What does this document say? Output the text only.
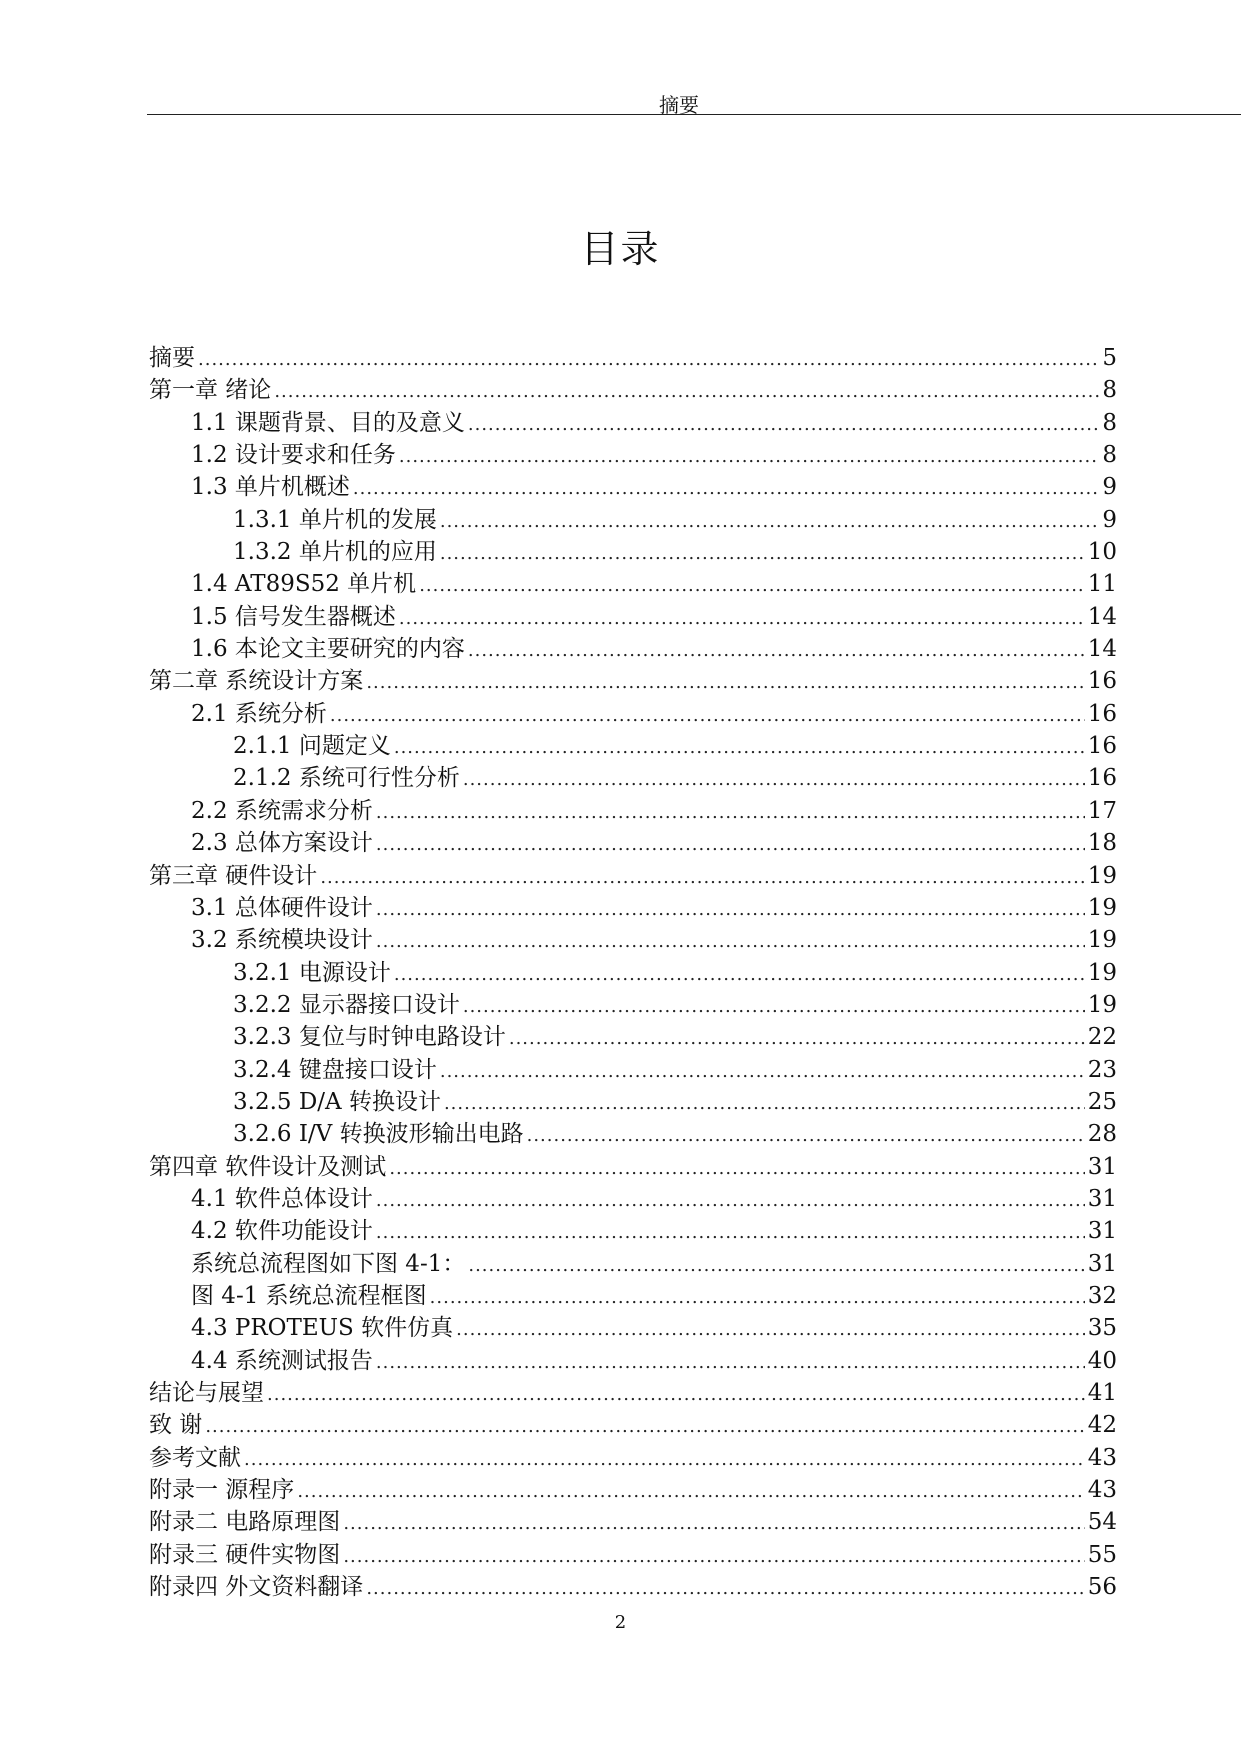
摘要
目录
摘要 .....	5
第一章 绪论 .....	8
1.1 课题背景、目的及意义 .....	8
1.2 设计要求和任务 .....	8
1.3 单片机概述 .....	9
1.3.1 单片机的发展 .....	9
1.3.2 单片机的应用 .....	10
1.4 AT89S52 单片机 .....	11
1.5 信号发生器概述 .....	14
1.6 本论文主要研究的内容 .....	14
第二章 系统设计方案 .....	16
2.1 系统分析 .....	16
2.1.1 问题定义 .....	16
2.1.2 系统可行性分析 .....	16
2.2 系统需求分析 .....	17
2.3 总体方案设计 .....	18
第三章 硬件设计 .....	19
3.1 总体硬件设计 .....	19
3.2 系统模块设计 .....	19
3.2.1 电源设计 .....	19
3.2.2 显示器接口设计 .....	19
3.2.3 复位与时钟电路设计 .....	22
3.2.4 键盘接口设计 .....	23
3.2.5 D/A 转换设计 .....	25
3.2.6 I/V 转换波形输出电路 .....	28
第四章 软件设计及测试 .....	31
4.1 软件总体设计 .....	31
4.2 软件功能设计 .....	31
系统总流程图如下图 4-1： .....	31
图 4-1 系统总流程框图 .....	32
4.3 PROTEUS 软件仿真 .....	35
4.4 系统测试报告 .....	40
结论与展望 .....	41
致 谢 .....	42
参考文献 .....	43
附录一 源程序 .....	43
附录二 电路原理图 .....	54
附录三 硬件实物图 .....	55
附录四 外文资料翻译 .....	56
2
